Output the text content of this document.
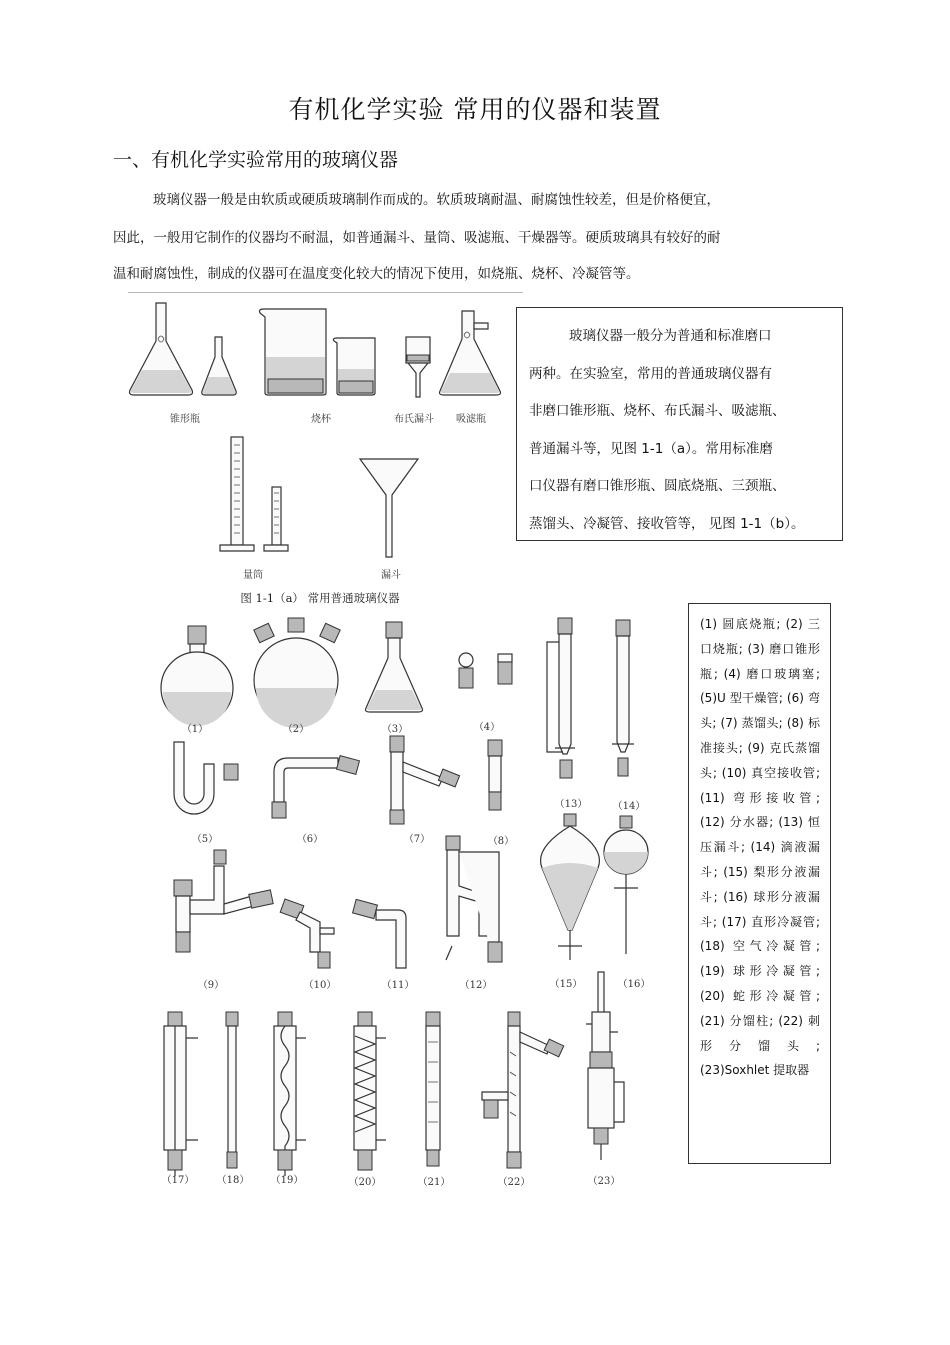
有机化学实验 常用的仪器和装置
一、有机化学实验常用的玻璃仪器
玻璃仪器一般是由软质或硬质玻璃制作而成的。软质玻璃耐温、耐腐蚀性较差，但是价格便宜，
因此，一般用它制作的仪器均不耐温，如普通漏斗、量筒、吸滤瓶、干燥器等。硬质玻璃具有较好的耐
温和耐腐蚀性，制成的仪器可在温度变化较大的情况下使用，如烧瓶、烧杯、冷凝管等。
玻璃仪器一般分为普通和标准磨口
两种。在实验室，常用的普通玻璃仪器有
非磨口锥形瓶、烧杯、布氏漏斗、吸滤瓶、
普通漏斗等，见图 1-1（a）。常用标准磨
口仪器有磨口锥形瓶、圆底烧瓶、三颈瓶、
蒸馏头、冷凝管、接收管等， 见图 1-1（b）。
(1) 圆底烧瓶; (2) 三口烧瓶; (3) 磨口锥形瓶; (4) 磨口玻璃塞; (5)U 型干燥管; (6) 弯头; (7) 蒸馏头; (8) 标准接头; (9) 克氏蒸馏头; (10) 真空接收管; (11) 弯形接收管; (12) 分水器; (13) 恒压漏斗; (14) 滴液漏斗; (15) 梨形分液漏斗; (16) 球形分液漏斗; (17) 直形冷凝管; (18) 空气冷凝管; (19) 球形冷凝管; (20) 蛇形冷凝管; (21) 分馏柱; (22) 刺形分馏头; (23)Soxhlet 提取器
锥形瓶	烧杯	布氏漏斗	吸滤瓶
量筒	漏斗
图 1-1（a） 常用普通玻璃仪器
（1）	（2）	（3）	（4）
（13）	（14）
（5）	（6）	（7）	（8）
（9）	（10）	（11）	（12）	（15）	（16）
（17）	（18）	（19）	（20）	（21）	（22）	（23）
